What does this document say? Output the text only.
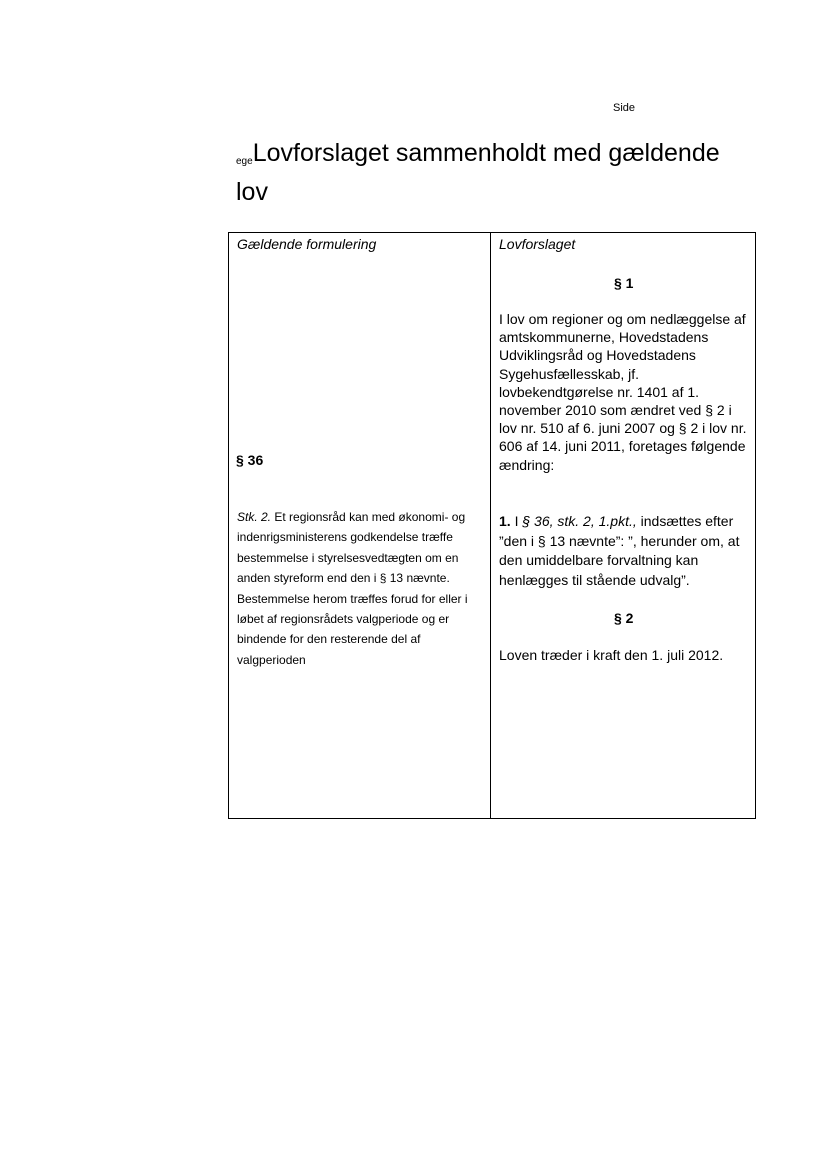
Side
egeLovforslaget sammenholdt med gældende lov
Gældende formulering
§ 36
Stk. 2. Et regionsråd kan med økonomi- og indenrigsministerens godkendelse træffe bestemmelse i styrelsesvedtægten om en anden styreform end den i § 13 nævnte. Bestemmelse herom træffes forud for eller i løbet af regionsrådets valgperiode og er bindende for den resterende del af valgperioden
Lovforslaget
§ 1
I lov om regioner og om nedlæggelse af amtskommunerne, Hovedstadens Udviklingsråd og Hovedstadens Sygehusfællesskab, jf. lovbekendtgørelse nr. 1401 af 1. november 2010 som ændret ved § 2 i lov nr. 510 af 6. juni 2007 og § 2 i lov nr. 606 af 14. juni 2011, foretages følgende ændring:
1. I § 36, stk. 2, 1.pkt., indsættes efter ”den i § 13 nævnte”: ”, herunder om, at den umiddelbare forvaltning kan henlægges til stående udvalg”.
§ 2
Loven træder i kraft den 1. juli 2012.
